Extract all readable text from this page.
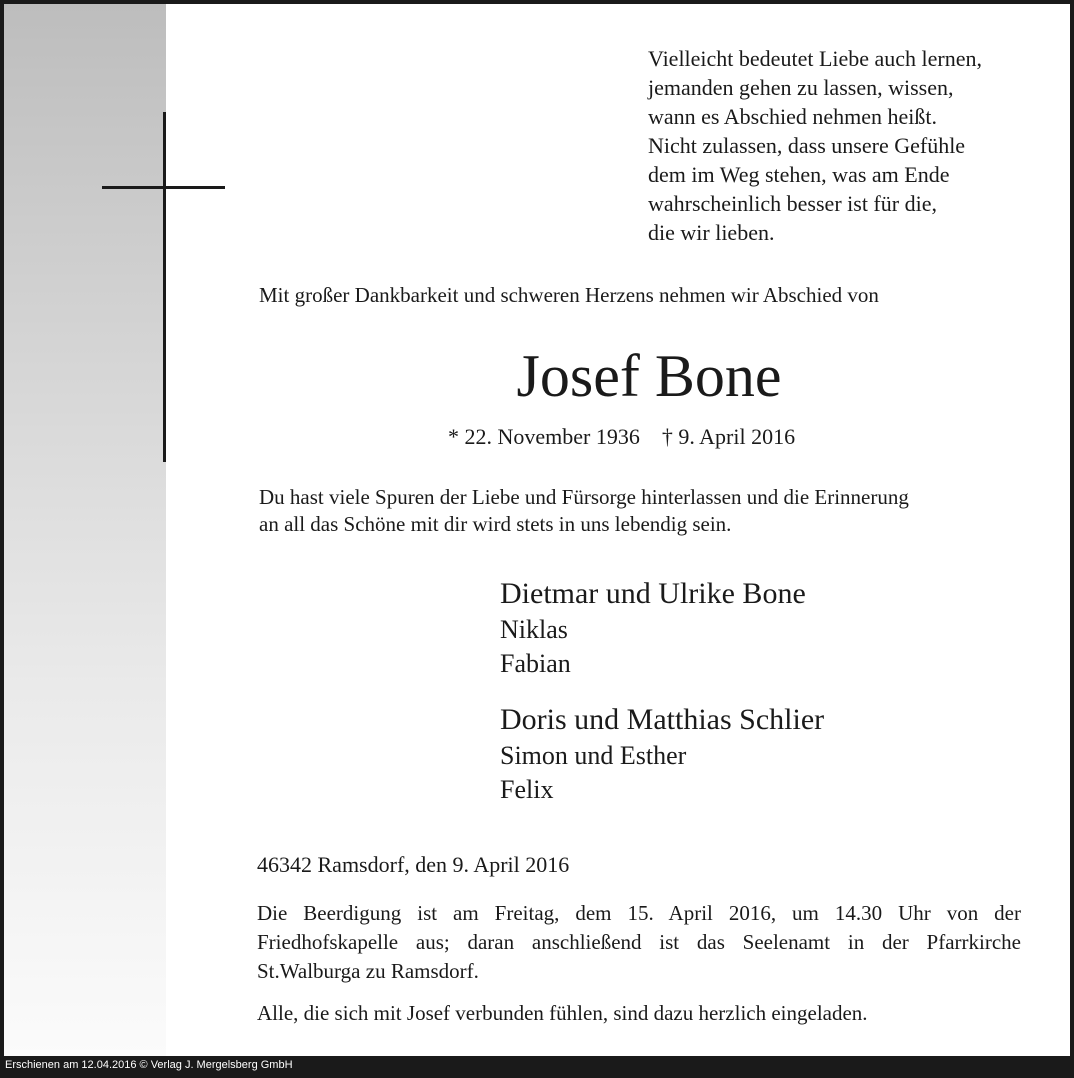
Vielleicht bedeutet Liebe auch lernen,
jemanden gehen zu lassen, wissen,
wann es Abschied nehmen heißt.
Nicht zulassen, dass unsere Gefühle
dem im Weg stehen, was am Ende
wahrscheinlich besser ist für die,
die wir lieben.
Mit großer Dankbarkeit und schweren Herzens nehmen wir Abschied von
Josef Bone
* 22. November 1936 † 9. April 2016
Du hast viele Spuren der Liebe und Fürsorge hinterlassen und die Erinnerung
an all das Schöne mit dir wird stets in uns lebendig sein.
Dietmar und Ulrike Bone
Niklas
Fabian
Doris und Matthias Schlier
Simon und Esther
Felix
46342 Ramsdorf, den 9. April 2016
Die Beerdigung ist am Freitag, dem 15. April 2016, um 14.30 Uhr von der
Friedhofskapelle aus; daran anschließend ist das Seelenamt in der Pfarrkirche
St.Walburga zu Ramsdorf.
Alle, die sich mit Josef verbunden fühlen, sind dazu herzlich eingeladen.
Erschienen am 12.04.2016 © Verlag J. Mergelsberg GmbH
